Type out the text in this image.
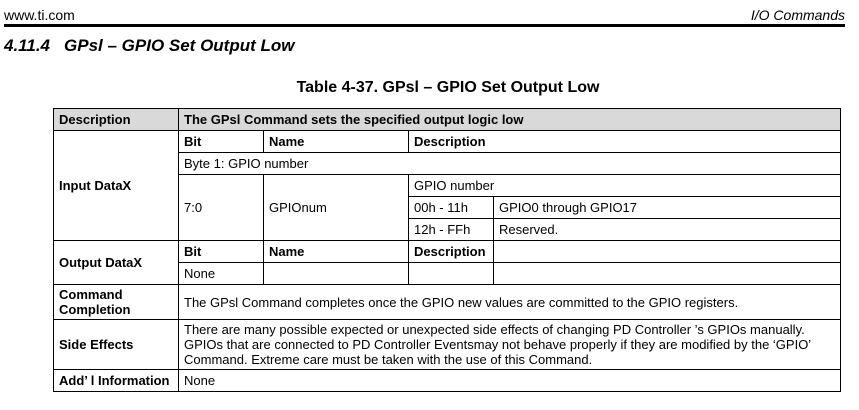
www.ti.com	I/O Commands
4.11.4 GPsl – GPIO Set Output Low
Table 4-37. GPsl – GPIO Set Output Low
Description	The GPsl Command sets the specified output logic low			
Input DataX	Bit	Name	Description	
	Byte 1: GPIO number			
	7:0	GPIOnum	GPIO number	
			00h - 11h	GPIO0 through GPIO17
			12h - FFh	Reserved.
Output DataX	Bit	Name	Description	
	None			
Command Completion	The GPsl Command completes once the GPIO new values are committed to the GPIO registers.			
Side Effects	There are many possible expected or unexpected side effects of changing PD Controller ’s GPIOs manually. GPIOs that are connected to PD Controller Eventsmay not behave properly if they are modified by the ‘GPIO’ Command. Extreme care must be taken with the use of this Command.			
Add’ l Information	None			
